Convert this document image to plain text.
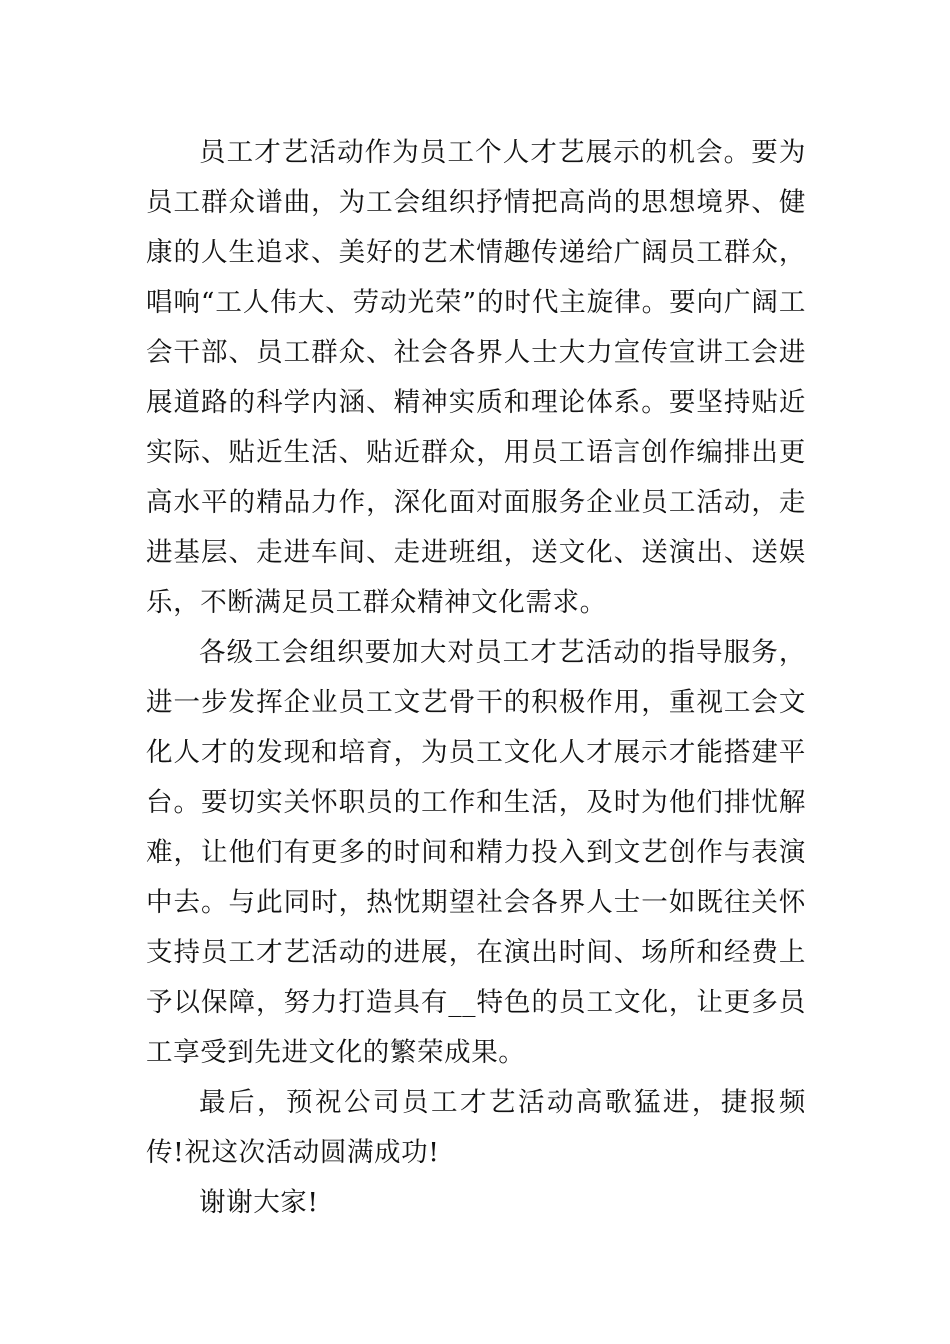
员工才艺活动作为员工个人才艺展示的机会。要为员工群众谱曲，为工会组织抒情把高尚的思想境界、健康的人生追求、美好的艺术情趣传递给广阔员工群众，唱响“工人伟大、劳动光荣”的时代主旋律。要向广阔工会干部、员工群众、社会各界人士大力宣传宣讲工会进展道路的科学内涵、精神实质和理论体系。要坚持贴近实际、贴近生活、贴近群众，用员工语言创作编排出更高水平的精品力作，深化面对面服务企业员工活动，走进基层、走进车间、走进班组，送文化、送演出、送娱乐，不断满足员工群众精神文化需求。

各级工会组织要加大对员工才艺活动的指导服务，进一步发挥企业员工文艺骨干的积极作用，重视工会文化人才的发现和培育，为员工文化人才展示才能搭建平台。要切实关怀职员的工作和生活，及时为他们排忧解难，让他们有更多的时间和精力投入到文艺创作与表演中去。与此同时，热忱期望社会各界人士一如既往关怀支持员工才艺活动的进展，在演出时间、场所和经费上予以保障，努力打造具有__特色的员工文化，让更多员工享受到先进文化的繁荣成果。

最后，预祝公司员工才艺活动高歌猛进，捷报频传!祝这次活动圆满成功!

谢谢大家!
